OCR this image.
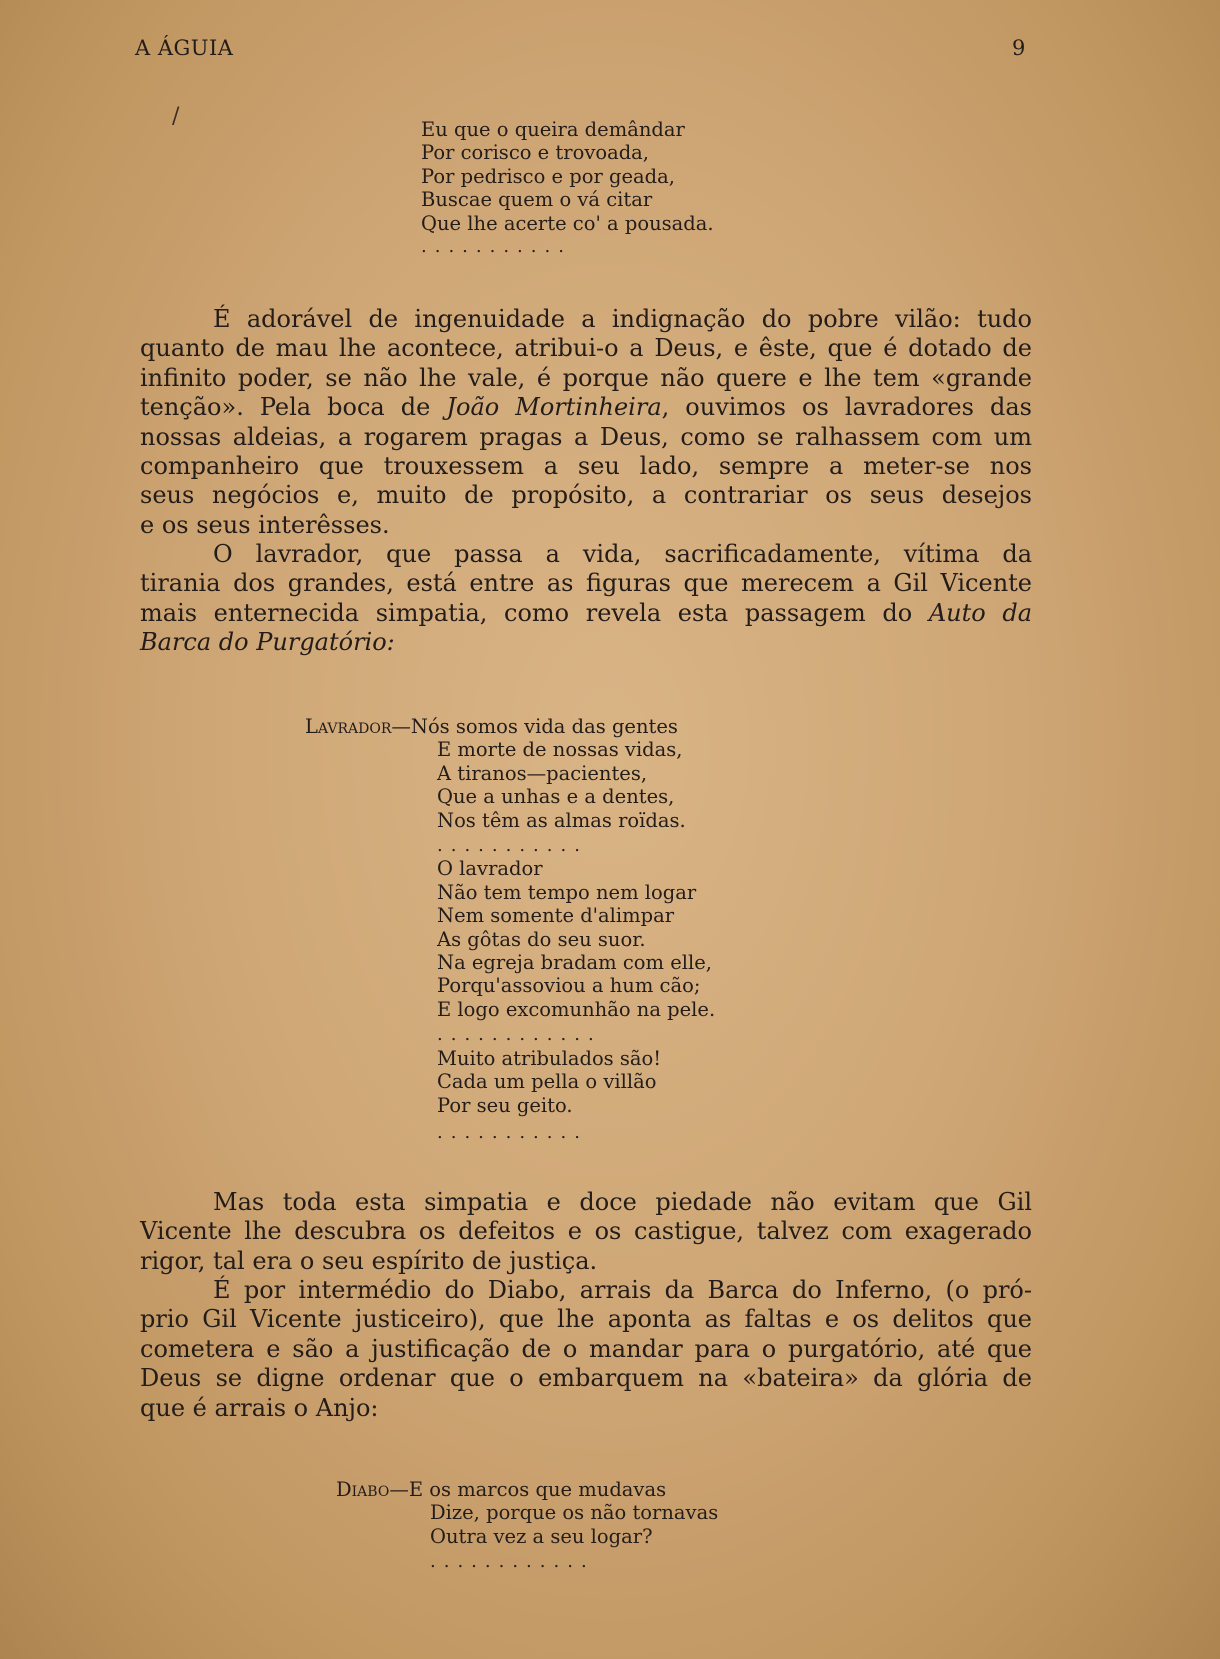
A ÁGUIA	9
/
Eu que o queira demândar
Por corisco e trovoada,
Por pedrisco e por geada,
Buscae quem o vá citar
Que lhe acerte co' a pousada.
...........
É adorável de ingenuidade a indignação do pobre vilão: tudo
quanto de mau lhe acontece, atribui-o a Deus, e êste, que é dotado de
infinito poder, se não lhe vale, é porque não quere e lhe tem «grande
tenção». Pela boca de João Mortinheira, ouvimos os lavradores das
nossas aldeias, a rogarem pragas a Deus, como se ralhassem com um
companheiro que trouxessem a seu lado, sempre a meter-se nos
seus negócios e, muito de propósito, a contrariar os seus desejos
e os seus interêsses.
O lavrador, que passa a vida, sacrificadamente, vítima da
tirania dos grandes, está entre as figuras que merecem a Gil Vicente
mais enternecida simpatia, como revela esta passagem do Auto da
Barca do Purgatório:
Lavrador—Nós somos vida das gentes
E morte de nossas vidas,
A tiranos—pacientes,
Que a unhas e a dentes,
Nos têm as almas roïdas.
...........
O lavrador
Não tem tempo nem logar
Nem somente d'alimpar
As gôtas do seu suor.
Na egreja bradam com elle,
Porqu'assoviou a hum cão;
E logo excomunhão na pele.
............
Muito atribulados são!
Cada um pella o villão
Por seu geito.
...........
Mas toda esta simpatia e doce piedade não evitam que Gil
Vicente lhe descubra os defeitos e os castigue, talvez com exagerado
rigor, tal era o seu espírito de justiça.
É por intermédio do Diabo, arrais da Barca do Inferno, (o pró-
prio Gil Vicente justiceiro), que lhe aponta as faltas e os delitos que
cometera e são a justificação de o mandar para o purgatório, até que
Deus se digne ordenar que o embarquem na «bateira» da glória de
que é arrais o Anjo:
Diabo—E os marcos que mudavas
Dize, porque os não tornavas
Outra vez a seu logar?
............
